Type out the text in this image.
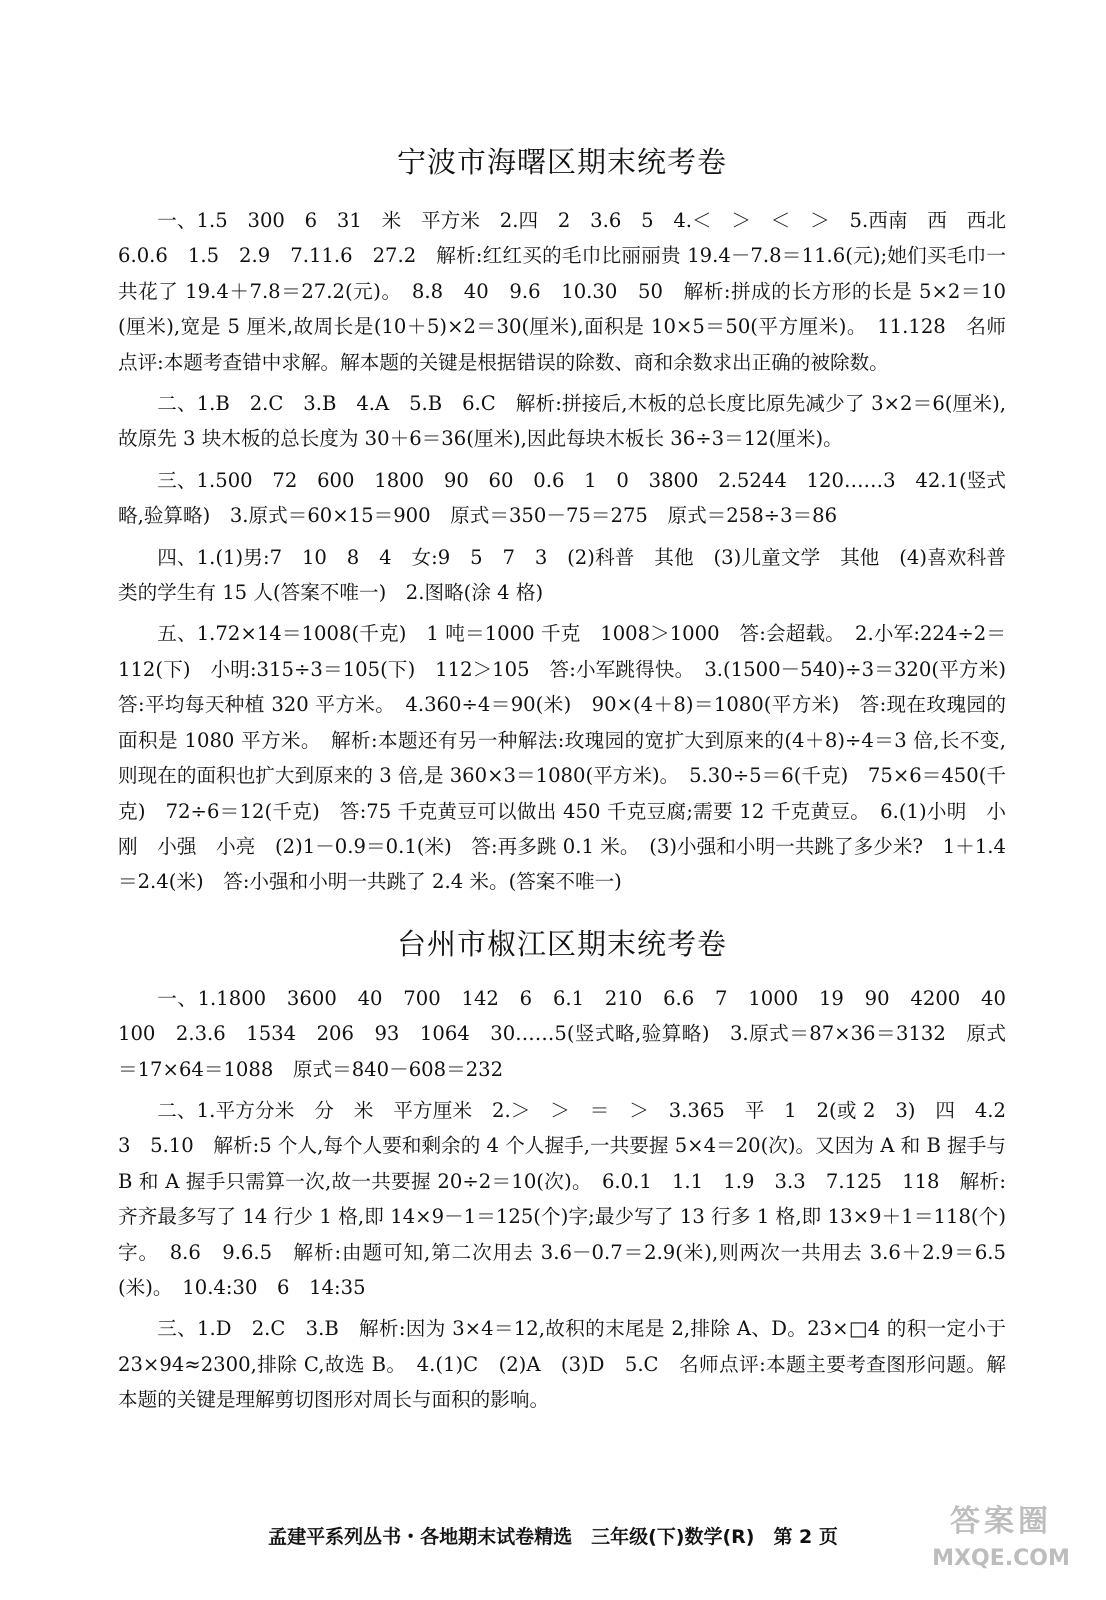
宁波市海曙区期末统考卷

一、1.5　300　6　31　米　平方米　2.四　2　3.6　5　4.＜　＞　＜　＞　5.西南　西　西北　6.0.6　1.5　2.9　7.11.6　27.2　解析:红红买的毛巾比丽丽贵 19.4－7.8＝11.6(元);她们买毛巾一共花了 19.4＋7.8＝27.2(元)。　8.8　40　9.6　10.30　50　解析:拼成的长方形的长是 5×2＝10(厘米),宽是 5 厘米,故周长是(10＋5)×2＝30(厘米),面积是 10×5＝50(平方厘米)。　11.128　名师点评:本题考查错中求解。解本题的关键是根据错误的除数、商和余数求出正确的被除数。

二、1.B　2.C　3.B　4.A　5.B　6.C　解析:拼接后,木板的总长度比原先减少了 3×2＝6(厘米),故原先 3 块木板的总长度为 30＋6＝36(厘米),因此每块木板长 36÷3＝12(厘米)。

三、1.500　72　600　1800　90　60　0.6　1　0　3800　2.5244　120……3　42.1(竖式略,验算略)　3.原式＝60×15＝900　原式＝350－75＝275　原式＝258÷3＝86

四、1.(1)男:7　10　8　4　女:9　5　7　3　(2)科普　其他　(3)儿童文学　其他　(4)喜欢科普类的学生有 15 人(答案不唯一)　2.图略(涂 4 格)

五、1.72×14＝1008(千克)　1 吨＝1000 千克　1008＞1000　答:会超载。　2.小军:224÷2＝112(下)　小明:315÷3＝105(下)　112＞105　答:小军跳得快。　3.(1500－540)÷3＝320(平方米)　答:平均每天种植 320 平方米。　4.360÷4＝90(米)　90×(4＋8)＝1080(平方米)　答:现在玫瑰园的面积是 1080 平方米。　解析:本题还有另一种解法:玫瑰园的宽扩大到原来的(4＋8)÷4＝3 倍,长不变,则现在的面积也扩大到原来的 3 倍,是 360×3＝1080(平方米)。　5.30÷5＝6(千克)　75×6＝450(千克)　72÷6＝12(千克)　答:75 千克黄豆可以做出 450 千克豆腐;需要 12 千克黄豆。　6.(1)小明　小刚　小强　小亮　(2)1－0.9＝0.1(米)　答:再多跳 0.1 米。　(3)小强和小明一共跳了多少米?　1＋1.4＝2.4(米)　答:小强和小明一共跳了 2.4 米。(答案不唯一)

台州市椒江区期末统考卷

一、1.1800　3600　40　700　142　6　6.1　210　6.6　7　1000　19　90　4200　40　100　2.3.6　1534　206　93　1064　30……5(竖式略,验算略)　3.原式＝87×36＝3132　原式＝17×64＝1088　原式＝840－608＝232

二、1.平方分米　分　米　平方厘米　2.＞　＞　＝　＞　3.365　平　1　2(或 2　3)　四　4.2　3　5.10　解析:5 个人,每个人要和剩余的 4 个人握手,一共要握 5×4＝20(次)。又因为 A 和 B 握手与 B 和 A 握手只需算一次,故一共要握 20÷2＝10(次)。　6.0.1　1.1　1.9　3.3　7.125　118　解析:齐齐最多写了 14 行少 1 格,即 14×9－1＝125(个)字;最少写了 13 行多 1 格,即 13×9＋1＝118(个)字。　8.6　9.6.5　解析:由题可知,第二次用去 3.6－0.7＝2.9(米),则两次一共用去 3.6＋2.9＝6.5(米)。　10.4:30　6　14:35

三、1.D　2.C　3.B　解析:因为 3×4＝12,故积的末尾是 2,排除 A、D。23×□4 的积一定小于 23×94≈2300,排除 C,故选 B。　4.(1)C　(2)A　(3)D　5.C　名师点评:本题主要考查图形问题。解本题的关键是理解剪切图形对周长与面积的影响。

孟建平系列丛书・各地期末试卷精选　三年级(下)数学(R)　第 2 页	答案圈
MXQE.COM
